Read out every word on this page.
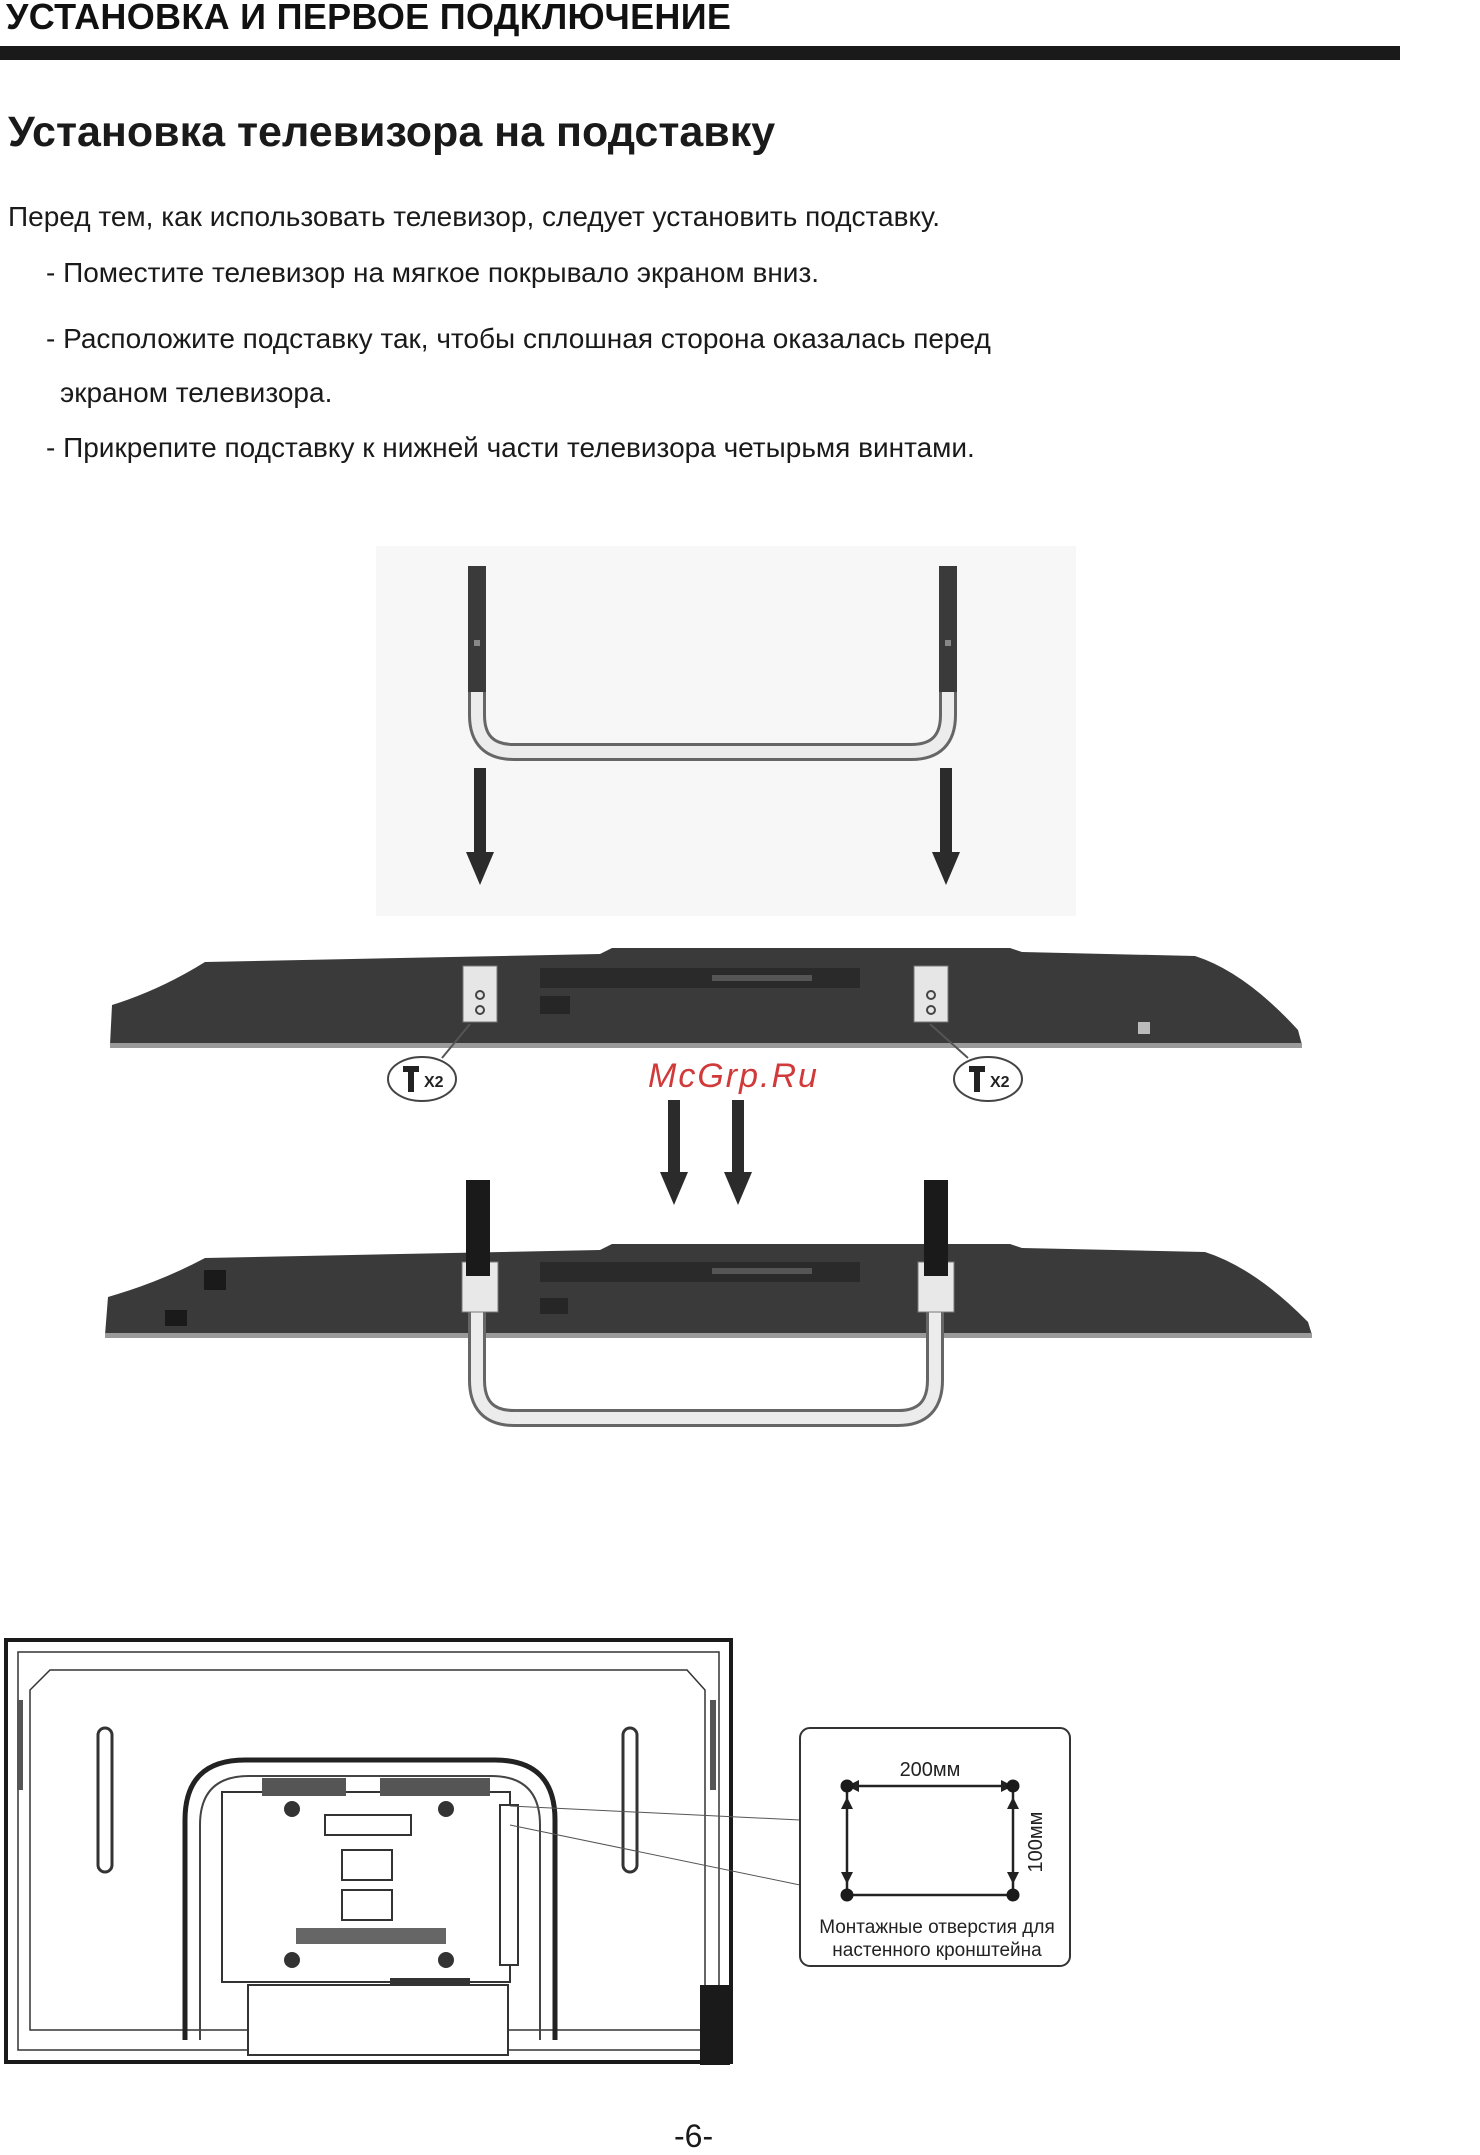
УСТАНОВКА И ПЕРВОЕ ПОДКЛЮЧЕНИЕ
Установка телевизора на подставку
Перед тем, как использовать телевизор, следует установить подставку.
- Поместите телевизор на мягкое покрывало экраном вниз.
- Расположите подставку так, чтобы сплошная сторона оказалась перед
экраном телевизора.
- Прикрепите подставку к нижней части телевизора четырьмя винтами.
X2	X2
200мм
100мм
Монтажные отверстия для
настенного кронштейна
McGrp.Ru
-6-
